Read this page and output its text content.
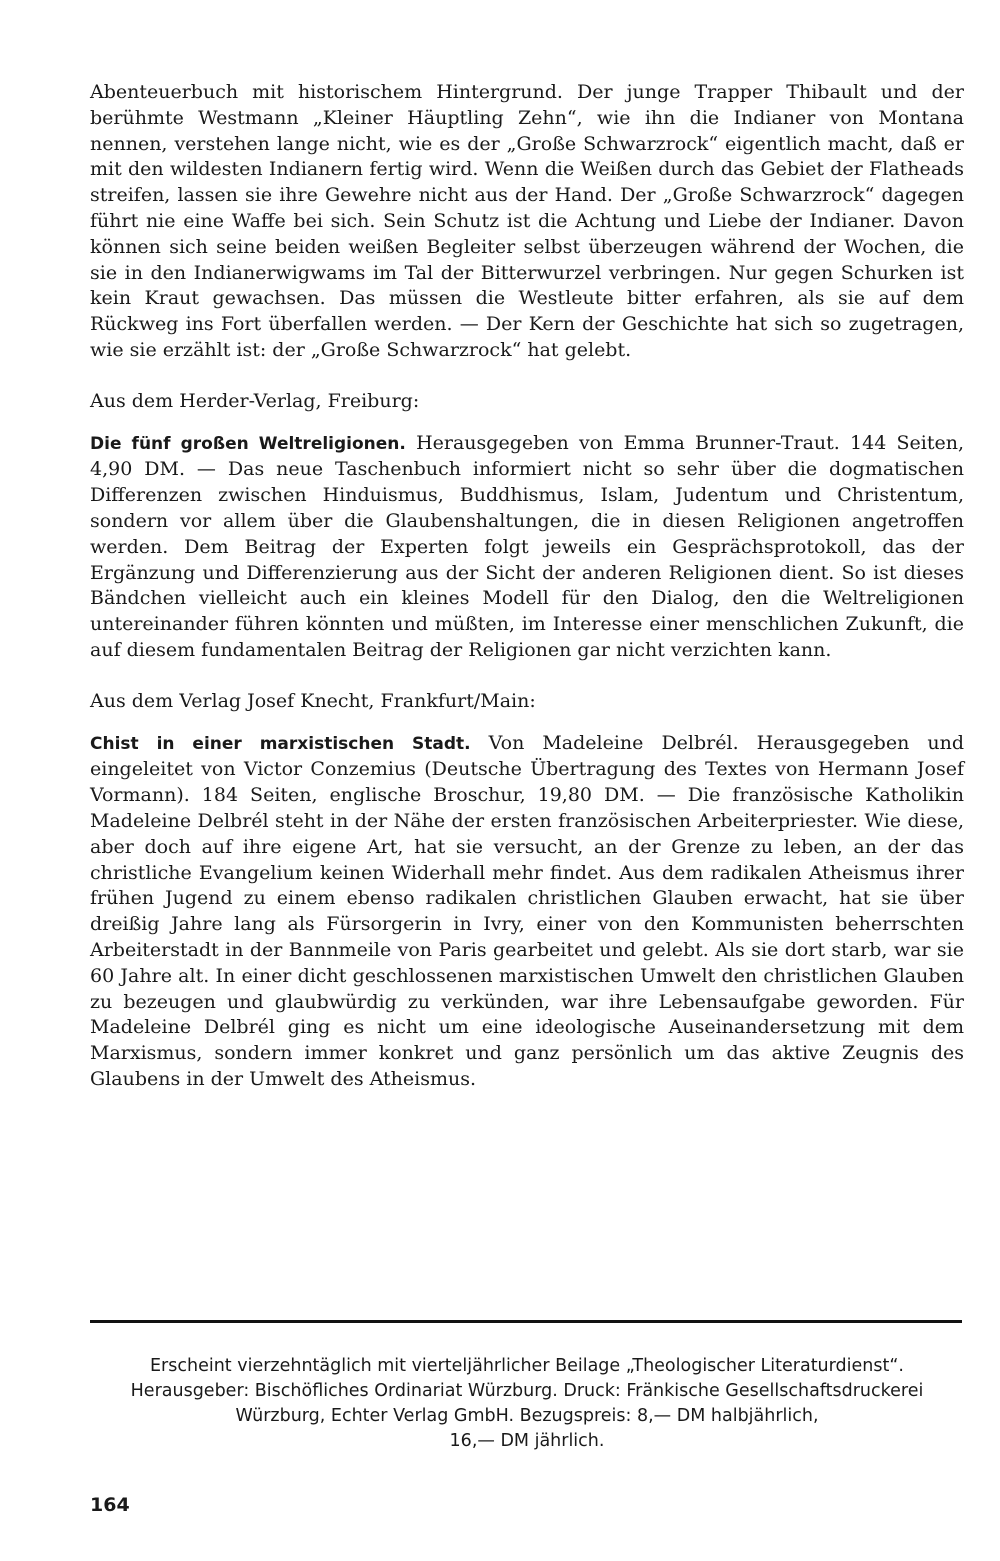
Abenteuerbuch mit historischem Hintergrund. Der junge Trapper Thibault und der berühmte Westmann „Kleiner Häuptling Zehn“, wie ihn die Indianer von Montana nennen, verstehen lange nicht, wie es der „Große Schwarzrock“ eigentlich macht, daß er mit den wildesten Indianern fertig wird. Wenn die Weißen durch das Gebiet der Flatheads streifen, lassen sie ihre Gewehre nicht aus der Hand. Der „Große Schwarzrock“ dagegen führt nie eine Waffe bei sich. Sein Schutz ist die Achtung und Liebe der Indianer. Davon können sich seine beiden weißen Begleiter selbst überzeugen während der Wochen, die sie in den Indianerwigwams im Tal der Bitterwurzel verbringen. Nur gegen Schurken ist kein Kraut gewachsen. Das müssen die Westleute bitter erfahren, als sie auf dem Rückweg ins Fort überfallen werden. — Der Kern der Geschichte hat sich so zugetragen, wie sie erzählt ist: der „Große Schwarzrock“ hat gelebt.

Aus dem Herder-Verlag, Freiburg:

Die fünf großen Weltreligionen. Herausgegeben von Emma Brunner-Traut. 144 Seiten, 4,90 DM. — Das neue Taschenbuch informiert nicht so sehr über die dogmatischen Differenzen zwischen Hinduismus, Buddhismus, Islam, Judentum und Christentum, sondern vor allem über die Glaubenshaltungen, die in diesen Religionen angetroffen werden. Dem Beitrag der Experten folgt jeweils ein Gesprächsprotokoll, das der Ergänzung und Differenzierung aus der Sicht der anderen Religionen dient. So ist dieses Bändchen vielleicht auch ein kleines Modell für den Dialog, den die Weltreligionen untereinander führen könnten und müßten, im Interesse einer menschlichen Zukunft, die auf diesem fundamentalen Beitrag der Religionen gar nicht verzichten kann.

Aus dem Verlag Josef Knecht, Frankfurt/Main:

Chist in einer marxistischen Stadt. Von Madeleine Delbrél. Herausgegeben und eingeleitet von Victor Conzemius (Deutsche Übertragung des Textes von Hermann Josef Vormann). 184 Seiten, englische Broschur, 19,80 DM. — Die französische Katholikin Madeleine Delbrél steht in der Nähe der ersten französischen Arbeiterpriester. Wie diese, aber doch auf ihre eigene Art, hat sie versucht, an der Grenze zu leben, an der das christliche Evangelium keinen Widerhall mehr findet. Aus dem radikalen Atheismus ihrer frühen Jugend zu einem ebenso radikalen christlichen Glauben erwacht, hat sie über dreißig Jahre lang als Fürsorgerin in Ivry, einer von den Kommunisten beherrschten Arbeiterstadt in der Bannmeile von Paris gearbeitet und gelebt. Als sie dort starb, war sie 60 Jahre alt. In einer dicht geschlossenen marxistischen Umwelt den christlichen Glauben zu bezeugen und glaubwürdig zu verkünden, war ihre Lebensaufgabe geworden. Für Madeleine Delbrél ging es nicht um eine ideologische Auseinandersetzung mit dem Marxismus, sondern immer konkret und ganz persönlich um das aktive Zeugnis des Glaubens in der Umwelt des Atheismus.

Erscheint vierzehntäglich mit vierteljährlicher Beilage „Theologischer Literaturdienst“.
Herausgeber: Bischöfliches Ordinariat Würzburg. Druck: Fränkische Gesellschaftsdruckerei Würzburg, Echter Verlag GmbH. Bezugspreis: 8,— DM halbjährlich,
16,— DM jährlich.
164
